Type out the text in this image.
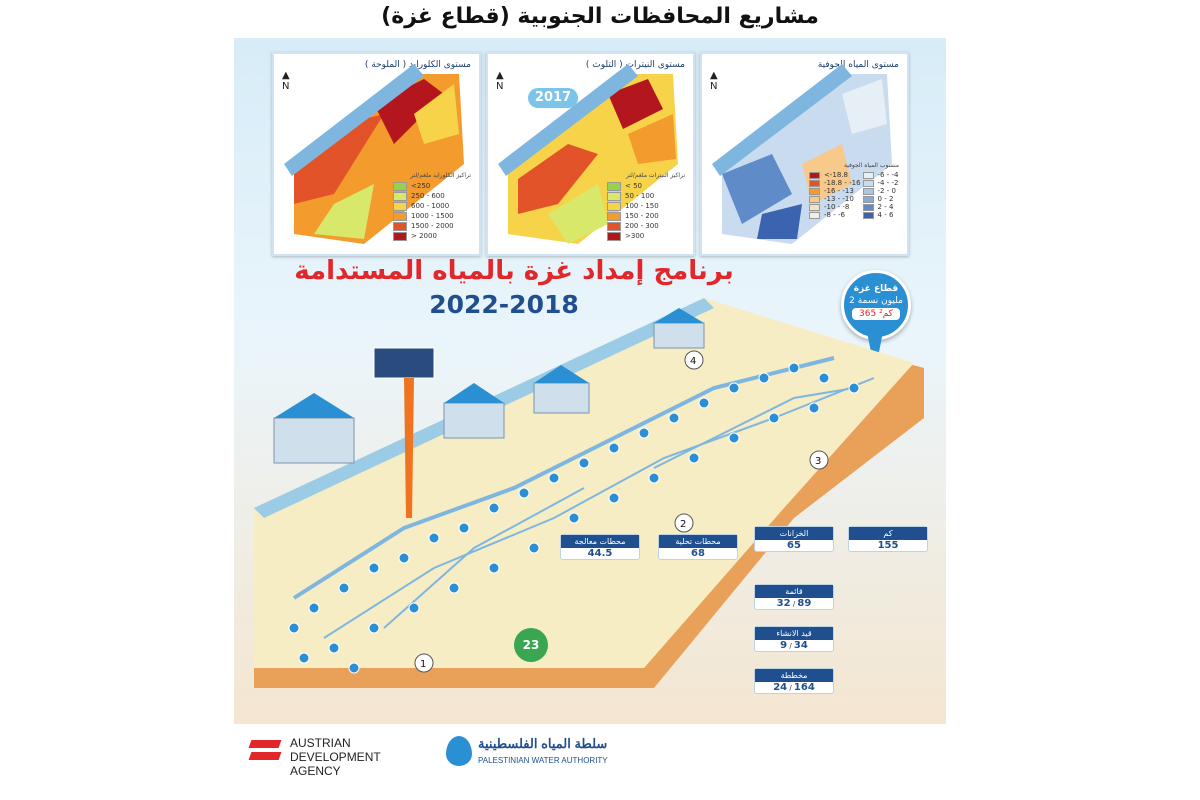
مشاريع المحافظات الجنوبية (قطاع غزة)
مستوى الكلورايد ( الملوحة )
▲
N
تراكيز الكلورايد ملغم/لتر
<250
250 - 600
600 - 1000
1000 - 1500
1500 - 2000
> 2000
مستوى النيترات ( التلوث )
▲
N
2017
تراكيز النيترات ملغم/لتر
< 50
50 - 100
100 - 150
150 - 200
200 - 300
>300
مستوى المياه الجوفية
▲
N
منسوب المياه الجوفية
<-18.8
-18.8 - -16
-16 - -13
-13 - -10
-10 - -8
-8 - -6
-6 - -4
-4 - -2
-2 - 0
0 - 2
2 - 4
4 - 6
برنامج إمداد غزة بالمياه المستدامة
2022-2018
قطاع غزة
2 مليون نسمة
365 كم²
1
2
3
4
كم
155
الخزانات
65
محطات تحلية
68
محطات معالجة
44.5
قائمة
32 / 89
قيد الانشاء
9 / 34
مخططة
24 / 164
23
AUSTRIAN
DEVELOPMENT
AGENCY
سلطة المياه الفلسطينية
PALESTINIAN WATER AUTHORITY
